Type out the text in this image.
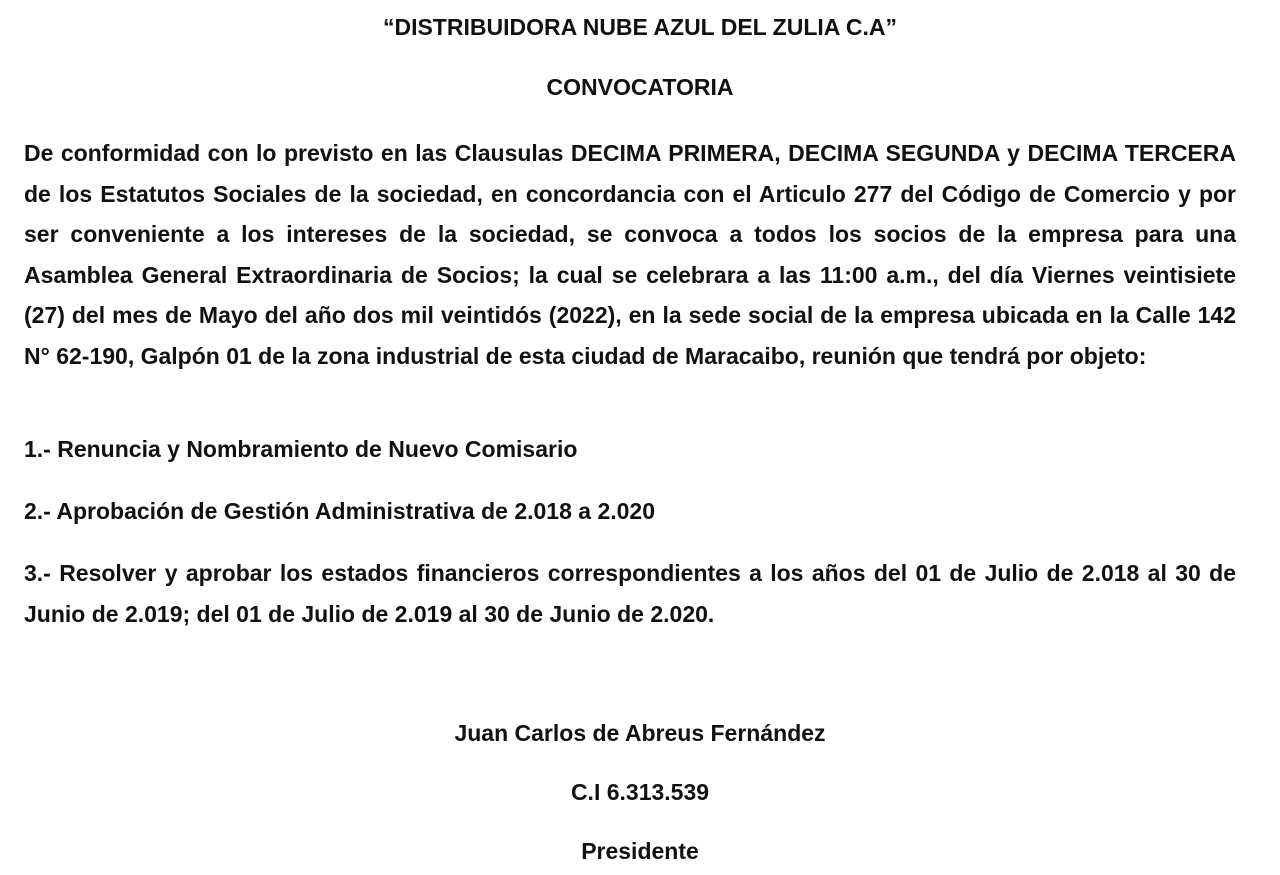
“DISTRIBUIDORA NUBE AZUL DEL ZULIA C.A”
CONVOCATORIA
De conformidad con lo previsto en las Clausulas DECIMA PRIMERA, DECIMA SEGUNDA y DECIMA TERCERA de los Estatutos Sociales de la sociedad, en concordancia con el Articulo 277 del Código de Comercio y por ser conveniente a los intereses de la sociedad, se convoca a todos los socios de la empresa para una Asamblea General Extraordinaria de Socios; la cual se celebrara a las 11:00 a.m., del día Viernes veintisiete (27) del mes de Mayo del año dos mil veintidós (2022), en la sede social de la empresa ubicada en la Calle 142 N° 62-190, Galpón 01 de la zona industrial de esta ciudad de Maracaibo, reunión que tendrá por objeto:
1.- Renuncia y Nombramiento de Nuevo Comisario
2.- Aprobación de Gestión Administrativa de 2.018 a 2.020
3.- Resolver y aprobar los estados financieros correspondientes a los años del 01 de Julio de 2.018 al 30 de Junio de 2.019; del 01 de Julio de 2.019 al 30 de Junio de 2.020.
Juan Carlos de Abreus Fernández
C.I 6.313.539
Presidente
